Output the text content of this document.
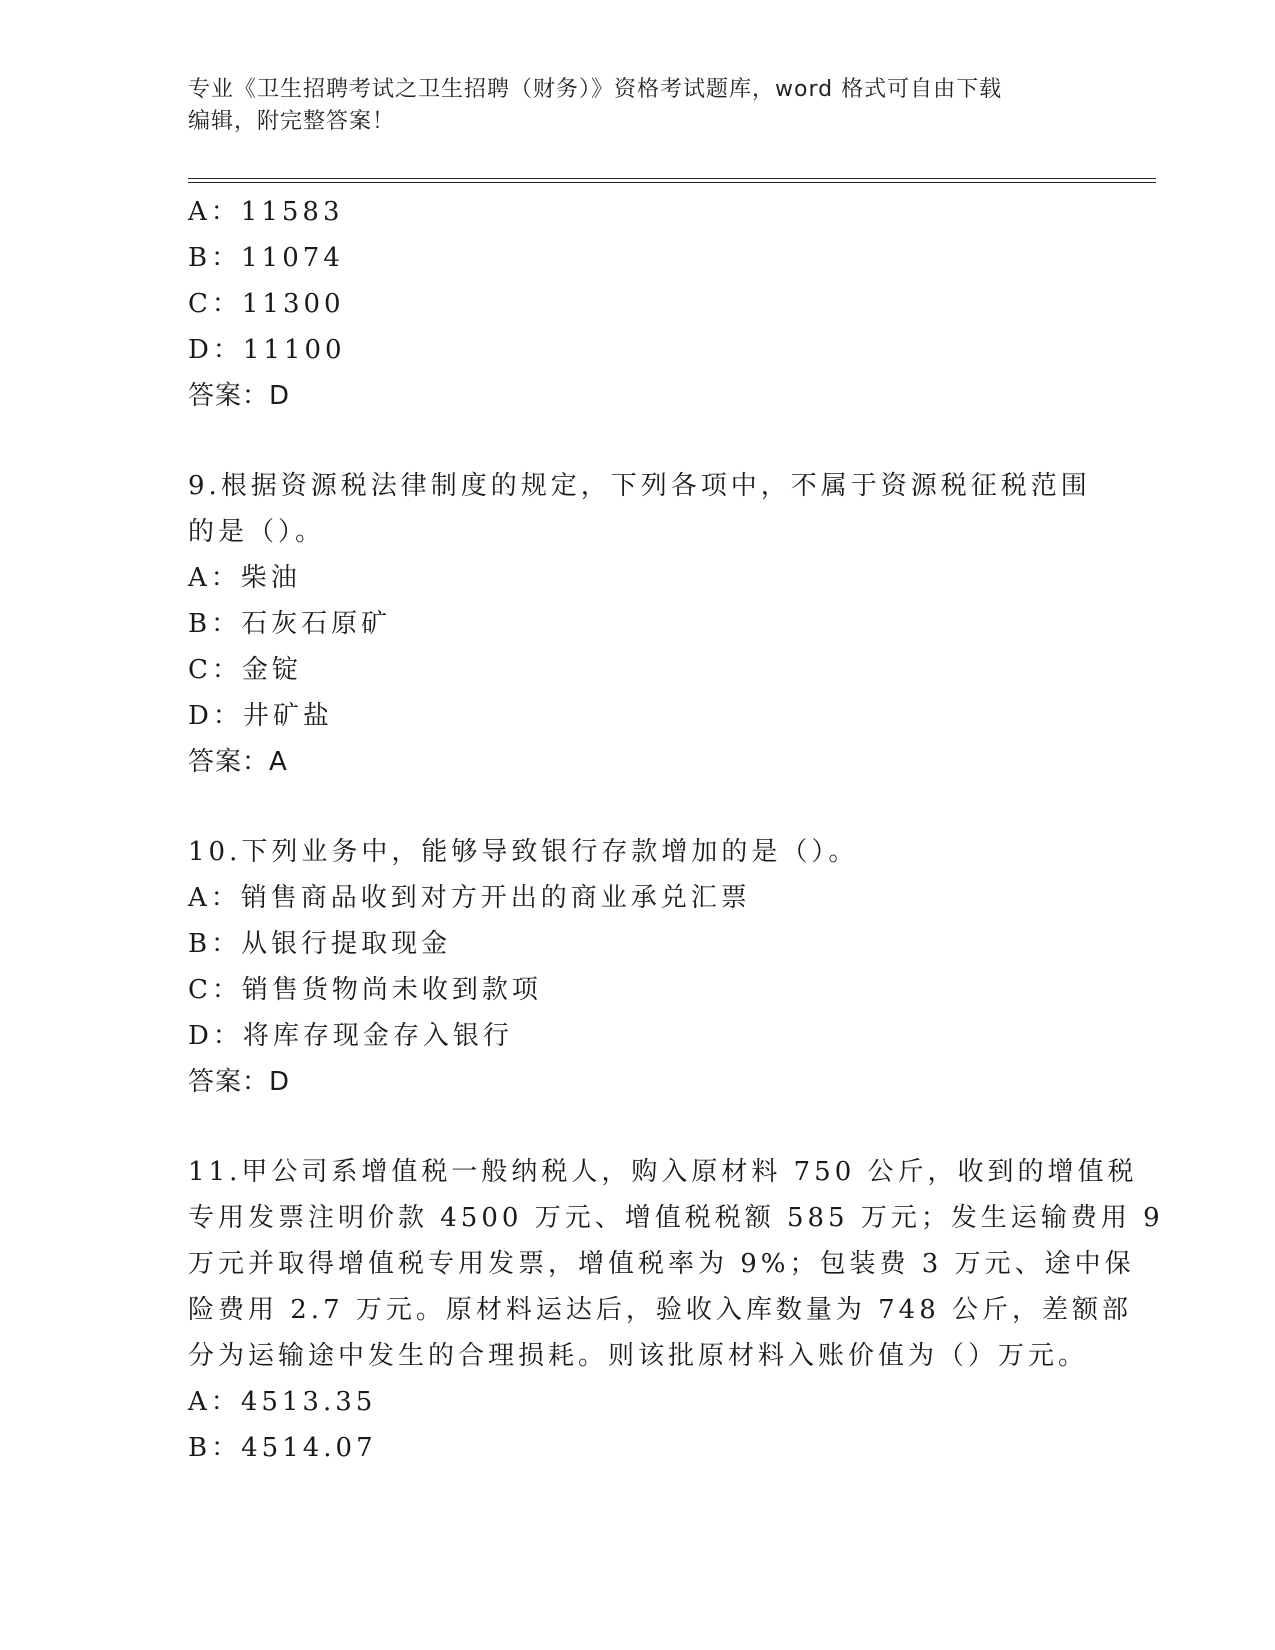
专业《卫生招聘考试之卫生招聘（财务）》资格考试题库，word 格式可自由下载
编辑，附完整答案！
A：11583
B：11074
C：11300
D：11100
答案：D
9.根据资源税法律制度的规定，下列各项中，不属于资源税征税范围
的是（）。
A：柴油
B：石灰石原矿
C：金锭
D：井矿盐
答案：A
10.下列业务中，能够导致银行存款增加的是（）。
A：销售商品收到对方开出的商业承兑汇票
B：从银行提取现金
C：销售货物尚未收到款项
D：将库存现金存入银行
答案：D
11.甲公司系增值税一般纳税人，购入原材料 750 公斤，收到的增值税
专用发票注明价款 4500 万元、增值税税额 585 万元；发生运输费用 9
万元并取得增值税专用发票，增值税率为 9%；包装费 3 万元、途中保
险费用 2.7 万元。原材料运达后，验收入库数量为 748 公斤，差额部
分为运输途中发生的合理损耗。则该批原材料入账价值为（）万元。
A：4513.35
B：4514.07
